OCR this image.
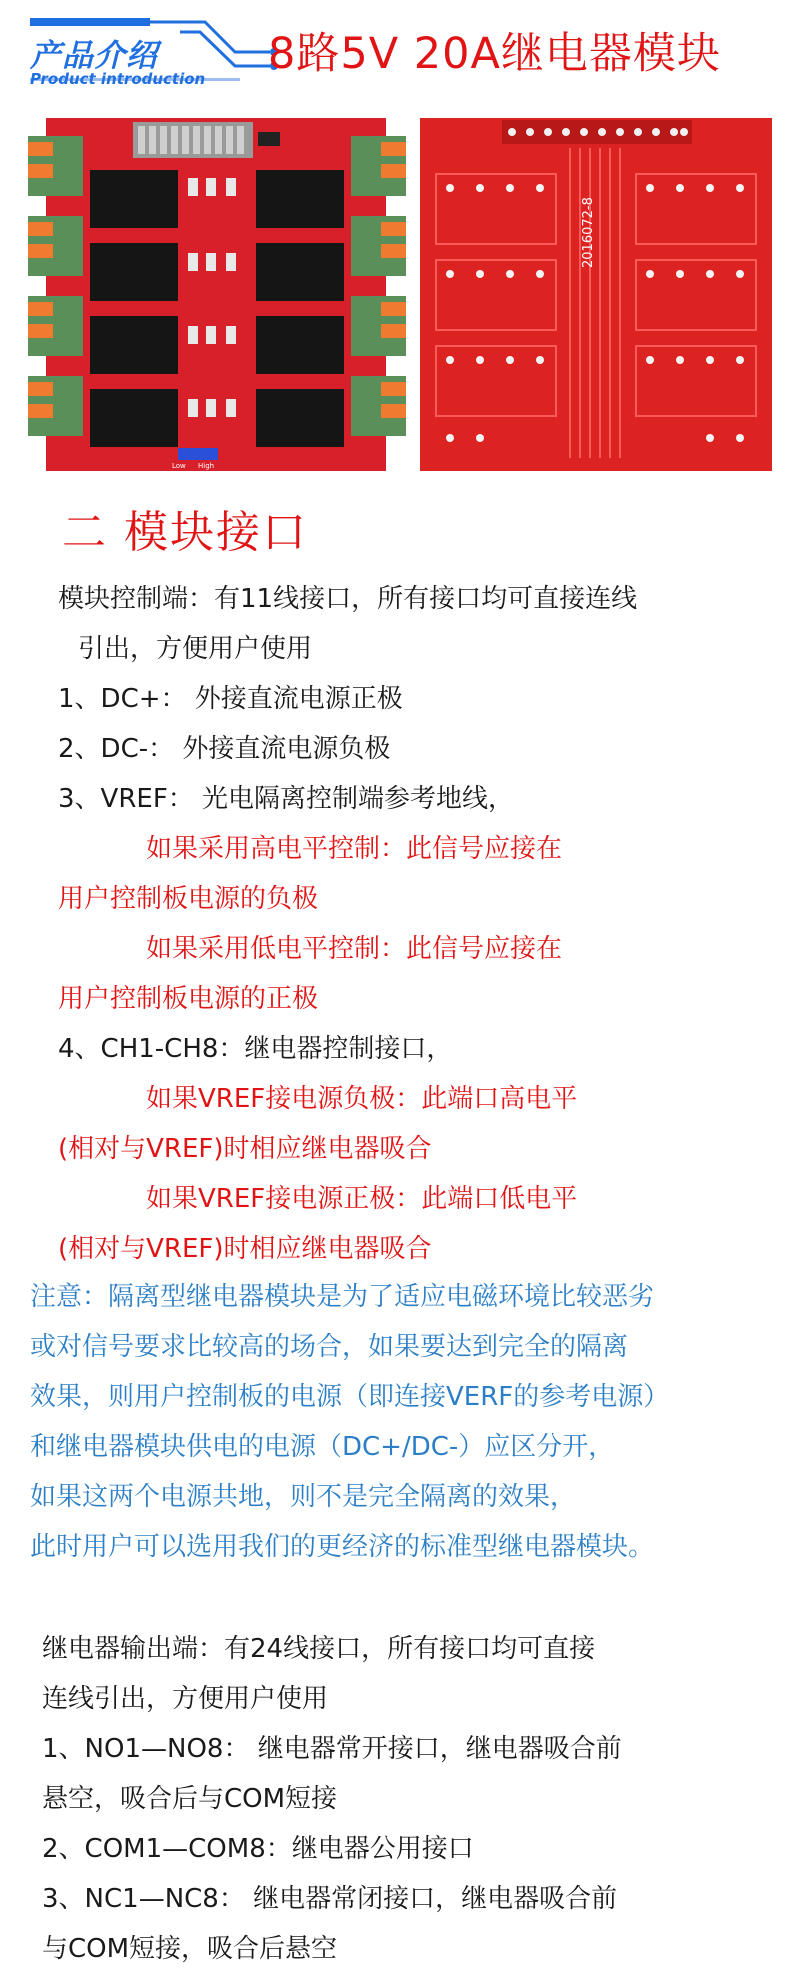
产品介绍
Product introduction 8路5V 20A继电器模块
Low High
2016072-8
二 模块接口
模块控制端：有11线接口，所有接口均可直接连线
引出，方便用户使用
1、DC+： 外接直流电源正极
2、DC-： 外接直流电源负极
3、VREF： 光电隔离控制端参考地线，
如果采用高电平控制：此信号应接在
用户控制板电源的负极
如果采用低电平控制：此信号应接在
用户控制板电源的正极
4、CH1-CH8：继电器控制接口，
如果VREF接电源负极：此端口高电平
(相对与VREF)时相应继电器吸合
如果VREF接电源正极：此端口低电平
(相对与VREF)时相应继电器吸合
注意：隔离型继电器模块是为了适应电磁环境比较恶劣
或对信号要求比较高的场合，如果要达到完全的隔离
效果，则用户控制板的电源（即连接VERF的参考电源）
和继电器模块供电的电源（DC+/DC-）应区分开，
如果这两个电源共地，则不是完全隔离的效果，
此时用户可以选用我们的更经济的标准型继电器模块。
继电器输出端：有24线接口，所有接口均可直接
连线引出，方便用户使用
1、NO1—NO8： 继电器常开接口，继电器吸合前
悬空，吸合后与COM短接
2、COM1—COM8：继电器公用接口
3、NC1—NC8： 继电器常闭接口，继电器吸合前
与COM短接，吸合后悬空
